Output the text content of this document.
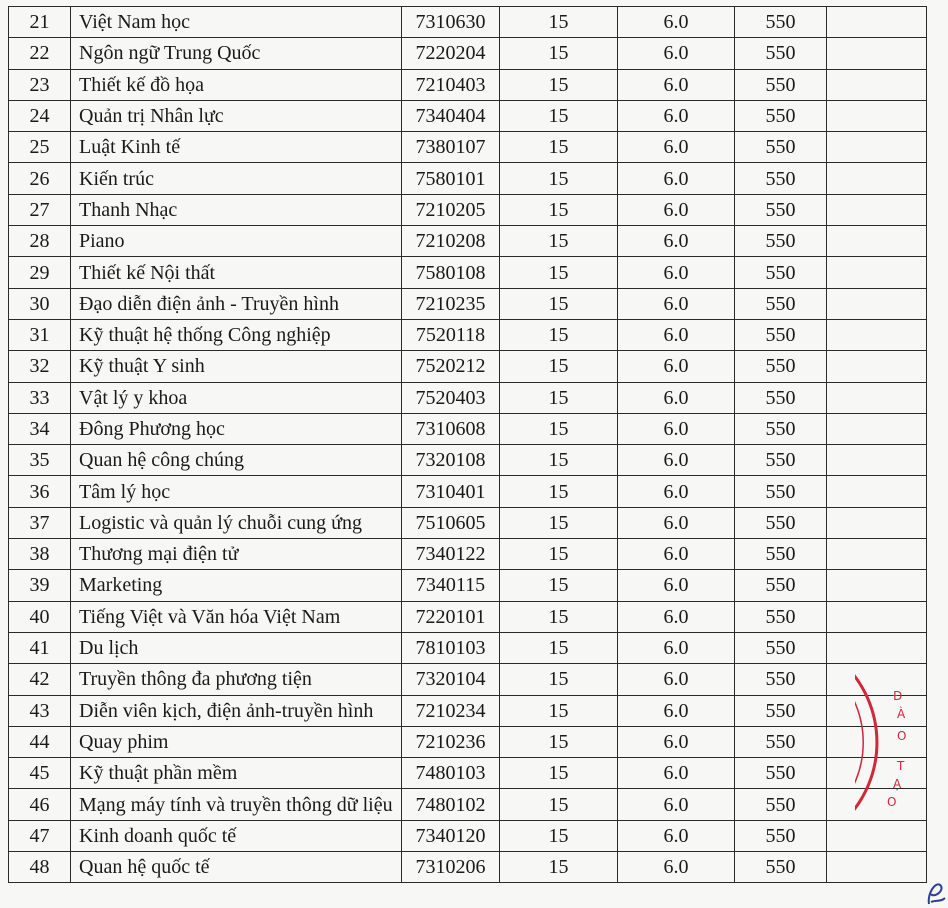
21	Việt Nam học	7310630	15	6.0	550	
22	Ngôn ngữ Trung Quốc	7220204	15	6.0	550	
23	Thiết kế đồ họa	7210403	15	6.0	550	
24	Quản trị Nhân lực	7340404	15	6.0	550	
25	Luật Kinh tế	7380107	15	6.0	550	
26	Kiến trúc	7580101	15	6.0	550	
27	Thanh Nhạc	7210205	15	6.0	550	
28	Piano	7210208	15	6.0	550	
29	Thiết kế Nội thất	7580108	15	6.0	550	
30	Đạo diễn điện ảnh - Truyền hình	7210235	15	6.0	550	
31	Kỹ thuật hệ thống Công nghiệp	7520118	15	6.0	550	
32	Kỹ thuật Y sinh	7520212	15	6.0	550	
33	Vật lý y khoa	7520403	15	6.0	550	
34	Đông Phương học	7310608	15	6.0	550	
35	Quan hệ công chúng	7320108	15	6.0	550	
36	Tâm lý học	7310401	15	6.0	550	
37	Logistic và quản lý chuỗi cung ứng	7510605	15	6.0	550	
38	Thương mại điện tử	7340122	15	6.0	550	
39	Marketing	7340115	15	6.0	550	
40	Tiếng Việt và Văn hóa Việt Nam	7220101	15	6.0	550	
41	Du lịch	7810103	15	6.0	550	
42	Truyền thông đa phương tiện	7320104	15	6.0	550	
43	Diễn viên kịch, điện ảnh-truyền hình	7210234	15	6.0	550	
44	Quay phim	7210236	15	6.0	550	
45	Kỹ thuật phần mềm	7480103	15	6.0	550	
46	Mạng máy tính và truyền thông dữ liệu	7480102	15	6.0	550	
47	Kinh doanh quốc tế	7340120	15	6.0	550	
48	Quan hệ quốc tế	7310206	15	6.0	550	
Đ
À
O
T
Ạ
O
